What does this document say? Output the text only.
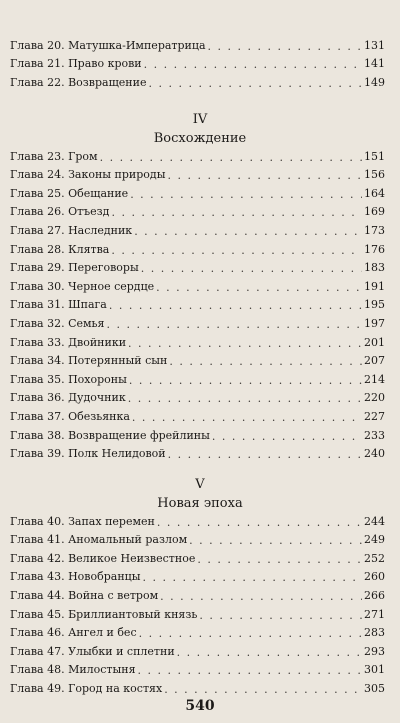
Глава 20. Матушка-Императрица . . .	131
Глава 21. Право крови . . .	141
Глава 22. Возвращение . . .	149
IV
Восхождение
Глава 23. Гром . . .	151
Глава 24. Законы природы . . .	156
Глава 25. Обещание . . .	164
Глава 26. Отъезд . . .	169
Глава 27. Наследник . . .	173
Глава 28. Клятва . . .	176
Глава 29. Переговоры . . .	183
Глава 30. Черное сердце . . .	191
Глава 31. Шпага . . .	195
Глава 32. Семья . . .	197
Глава 33. Двойники . . .	201
Глава 34. Потерянный сын . . .	207
Глава 35. Похороны . . .	214
Глава 36. Дудочник . . .	220
Глава 37. Обезьянка . . .	227
Глава 38. Возвращение фрейлины . . .	233
Глава 39. Полк Нелидовой . . .	240
V
Новая эпоха
Глава 40. Запах перемен . . .	244
Глава 41. Аномальный разлом . . .	249
Глава 42. Великое Неизвестное . . .	252
Глава 43. Новобранцы . . .	260
Глава 44. Война с ветром . . .	266
Глава 45. Бриллиантовый князь . . .	271
Глава 46. Ангел и бес . . .	283
Глава 47. Улыбки и сплетни . . .	293
Глава 48. Милостыня . . .	301
Глава 49. Город на костях . . .	305
540
